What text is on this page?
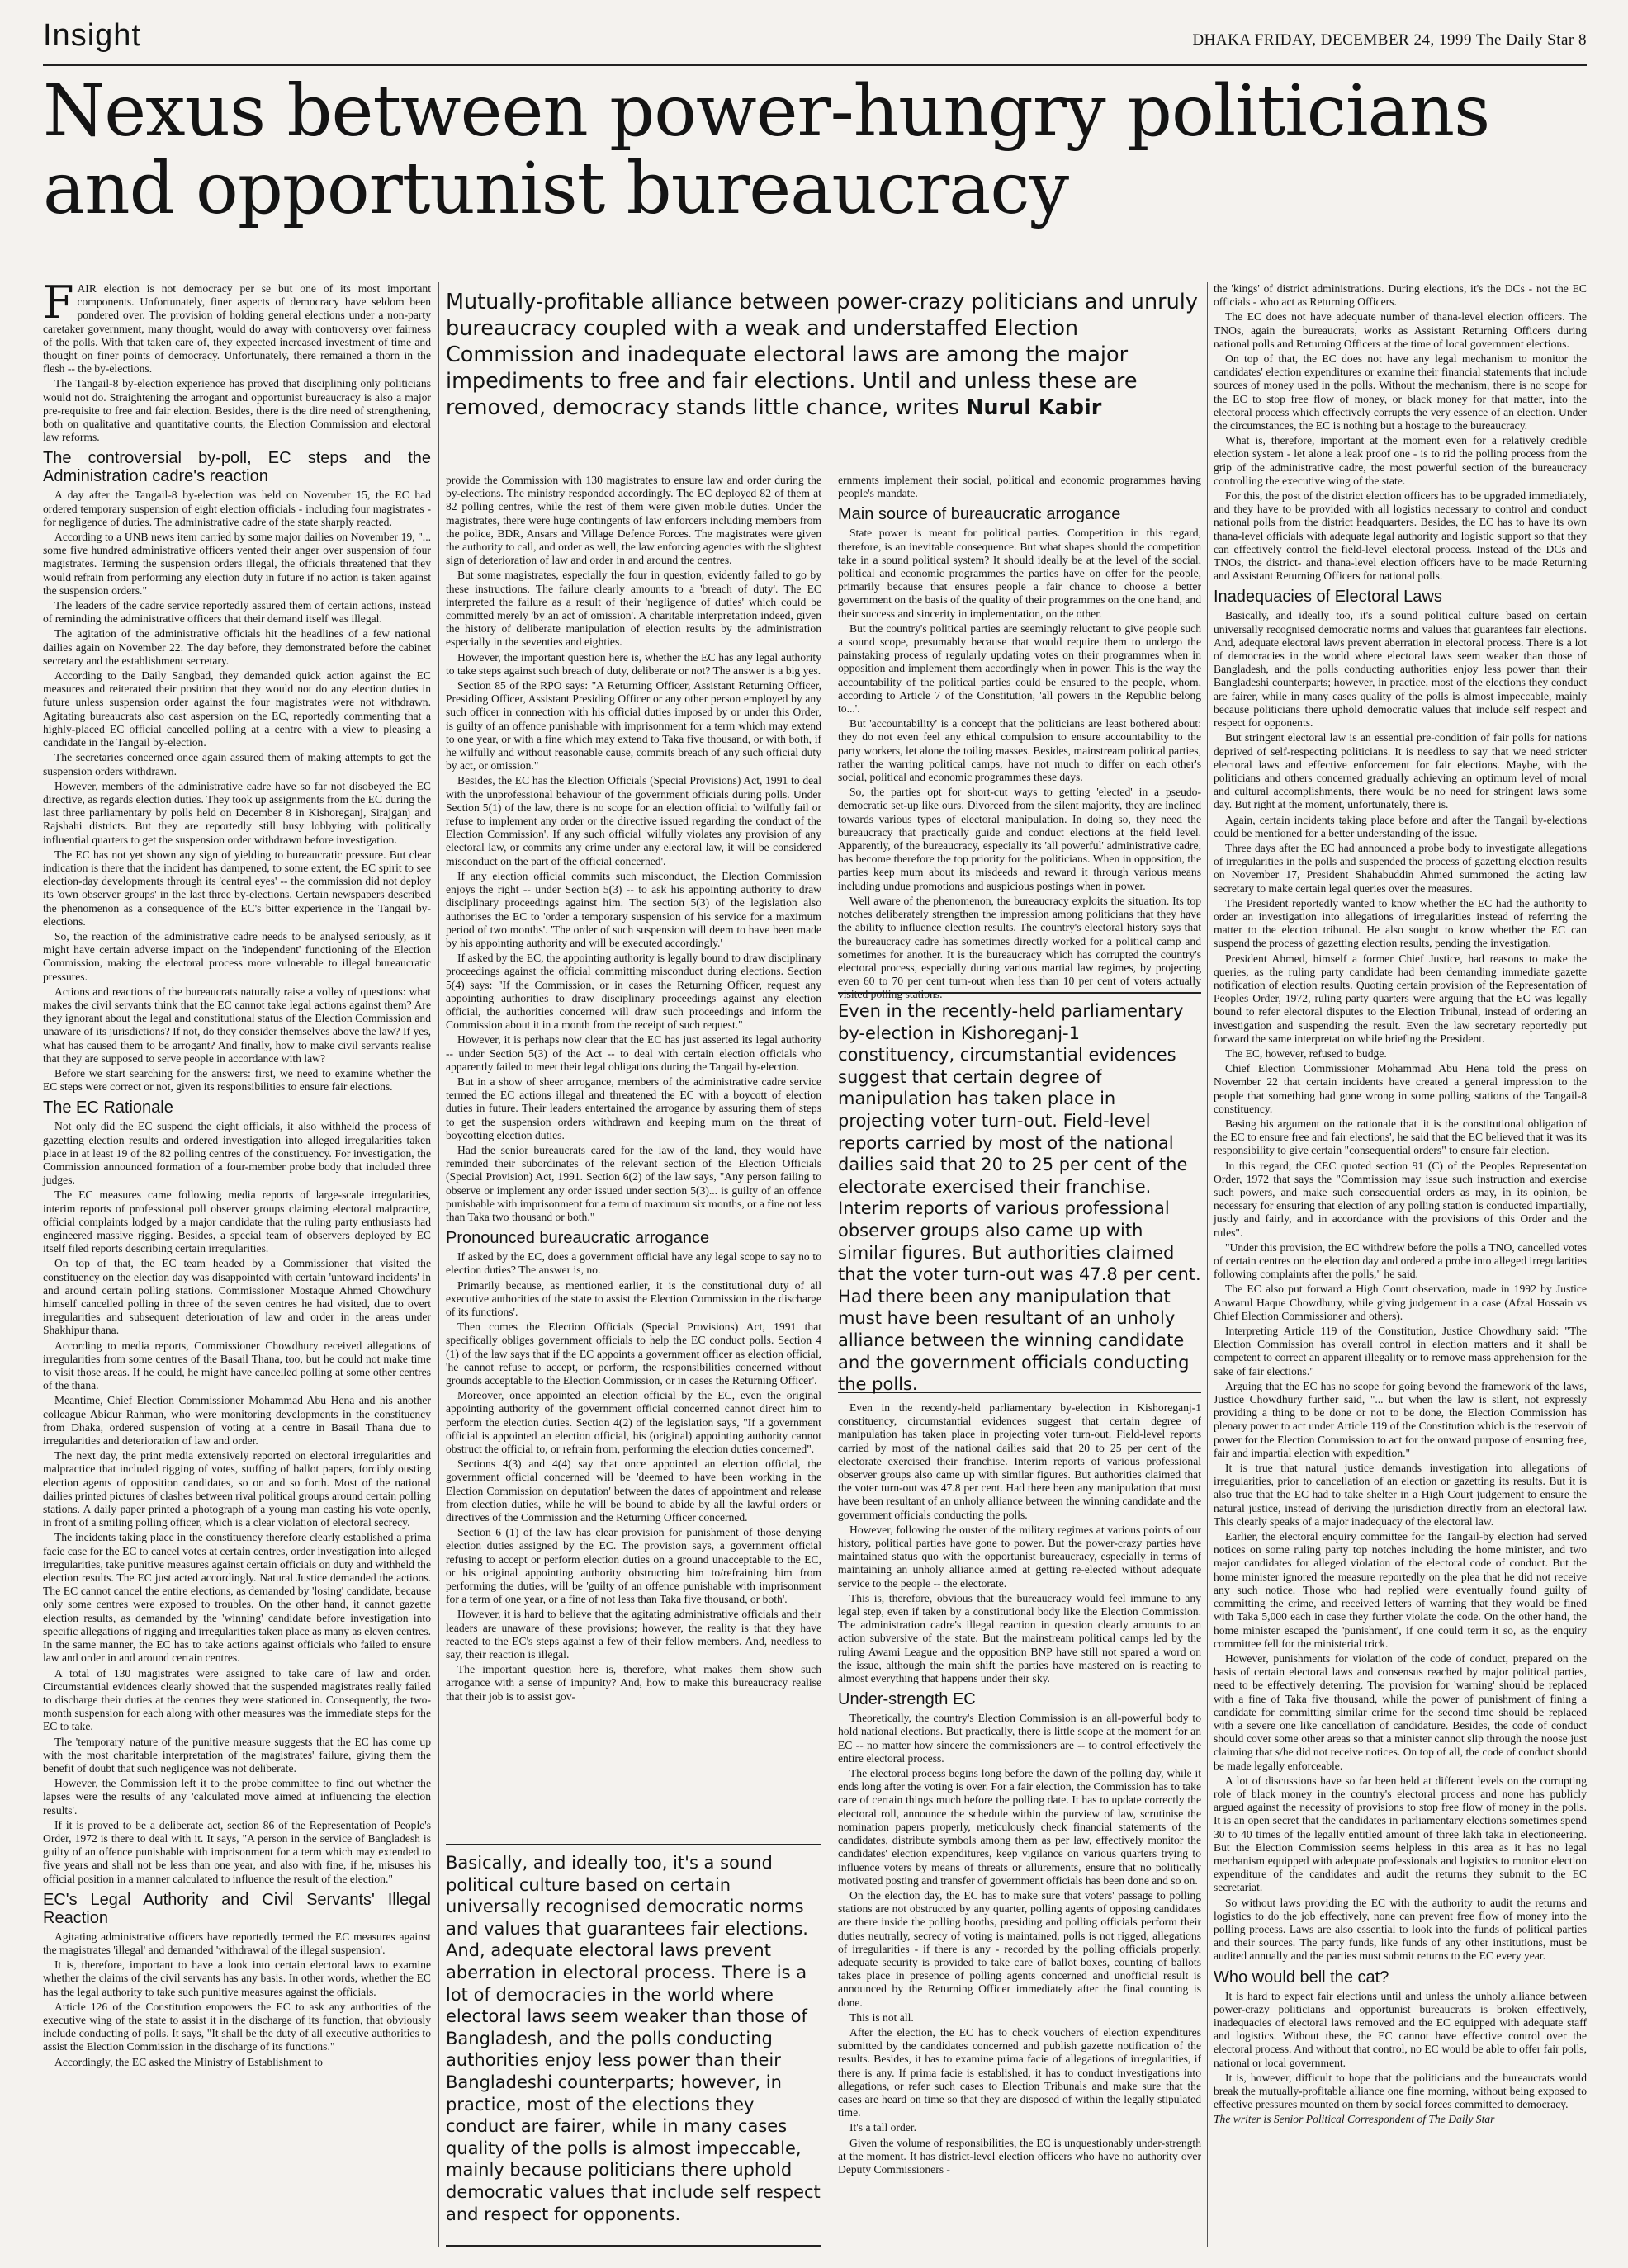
Insight	DHAKA FRIDAY, DECEMBER 24, 1999 The Daily Star 8
Nexus between power-hungry politicians and opportunist bureaucracy
Mutually-profitable alliance between power-crazy politicians and unruly bureaucracy coupled with a weak and understaffed Election Commission and inadequate electoral laws are among the major impediments to free and fair elections. Until and unless these are removed, democracy stands little chance, writes Nurul Kabir

FAIR election is not democracy per se but one of its most important components. Unfortunately, finer aspects of democracy have seldom been pondered over. The provision of holding general elections under a non-party caretaker government, many thought, would do away with controversy over fairness of the polls. With that taken care of, they expected increased investment of time and thought on finer points of democracy. Unfortunately, there remained a thorn in the flesh -- the by-elections.

The Tangail-8 by-election experience has proved that disciplining only politicians would not do. Straightening the arrogant and opportunist bureaucracy is also a major pre-requisite to free and fair election. Besides, there is the dire need of strengthening, both on qualitative and quantitative counts, the Election Commission and electoral law reforms.

The controversial by-poll, EC steps and the Administration cadre's reaction

A day after the Tangail-8 by-election was held on November 15, the EC had ordered temporary suspension of eight election officials - including four magistrates - for negligence of duties. The administrative cadre of the state sharply reacted.

According to a UNB news item carried by some major dailies on November 19, "... some five hundred administrative officers vented their anger over suspension of four magistrates. Terming the suspension orders illegal, the officials threatened that they would refrain from performing any election duty in future if no action is taken against the suspension orders."

The leaders of the cadre service reportedly assured them of certain actions, instead of reminding the administrative officers that their demand itself was illegal.

The agitation of the administrative officials hit the headlines of a few national dailies again on November 22. The day before, they demonstrated before the cabinet secretary and the establishment secretary.

According to the Daily Sangbad, they demanded quick action against the EC measures and reiterated their position that they would not do any election duties in future unless suspension order against the four magistrates were not withdrawn. Agitating bureaucrats also cast aspersion on the EC, reportedly commenting that a highly-placed EC official cancelled polling at a centre with a view to pleasing a candidate in the Tangail by-election.

The secretaries concerned once again assured them of making attempts to get the suspension orders withdrawn.

However, members of the administrative cadre have so far not disobeyed the EC directive, as regards election duties. They took up assignments from the EC during the last three parliamentary by polls held on December 8 in Kishoreganj, Sirajganj and Rajshahi districts. But they are reportedly still busy lobbying with politically influential quarters to get the suspension order withdrawn before investigation.

The EC has not yet shown any sign of yielding to bureaucratic pressure. But clear indication is there that the incident has dampened, to some extent, the EC spirit to see election-day developments through its 'central eyes' -- the commission did not deploy its 'own observer groups' in the last three by-elections. Certain newspapers described the phenomenon as a consequence of the EC's bitter experience in the Tangail by-elections.

So, the reaction of the administrative cadre needs to be analysed seriously, as it might have certain adverse impact on the 'independent' functioning of the Election Commission, making the electoral process more vulnerable to illegal bureaucratic pressures.

Actions and reactions of the bureaucrats naturally raise a volley of questions: what makes the civil servants think that the EC cannot take legal actions against them? Are they ignorant about the legal and constitutional status of the Election Commission and unaware of its jurisdictions? If not, do they consider themselves above the law? If yes, what has caused them to be arrogant? And finally, how to make civil servants realise that they are supposed to serve people in accordance with law?

Before we start searching for the answers: first, we need to examine whether the EC steps were correct or not, given its responsibilities to ensure fair elections.

The EC Rationale

Not only did the EC suspend the eight officials, it also withheld the process of gazetting election results and ordered investigation into alleged irregularities taken place in at least 19 of the 82 polling centres of the constituency. For investigation, the Commission announced formation of a four-member probe body that included three judges.

The EC measures came following media reports of large-scale irregularities, interim reports of professional poll observer groups claiming electoral malpractice, official complaints lodged by a major candidate that the ruling party enthusiasts had engineered massive rigging. Besides, a special team of observers deployed by EC itself filed reports describing certain irregularities.

On top of that, the EC team headed by a Commissioner that visited the constituency on the election day was disappointed with certain 'untoward incidents' in and around certain polling stations. Commissioner Mostaque Ahmed Chowdhury himself cancelled polling in three of the seven centres he had visited, due to overt irregularities and subsequent deterioration of law and order in the areas under Shakhipur thana.

According to media reports, Commissioner Chowdhury received allegations of irregularities from some centres of the Basail Thana, too, but he could not make time to visit those areas. If he could, he might have cancelled polling at some other centres of the thana.

Meantime, Chief Election Commissioner Mohammad Abu Hena and his another colleague Abidur Rahman, who were monitoring developments in the constituency from Dhaka, ordered suspension of voting at a centre in Basail Thana due to irregularities and deterioration of law and order.

The next day, the print media extensively reported on electoral irregularities and malpractice that included rigging of votes, stuffing of ballot papers, forcibly ousting election agents of opposition candidates, so on and so forth. Most of the national dailies printed pictures of clashes between rival political groups around certain polling stations. A daily paper printed a photograph of a young man casting his vote openly, in front of a smiling polling officer, which is a clear violation of electoral secrecy.

The incidents taking place in the constituency therefore clearly established a prima facie case for the EC to cancel votes at certain centres, order investigation into alleged irregularities, take punitive measures against certain officials on duty and withheld the election results. The EC just acted accordingly. Natural Justice demanded the actions. The EC cannot cancel the entire elections, as demanded by 'losing' candidate, because only some centres were exposed to troubles. On the other hand, it cannot gazette election results, as demanded by the 'winning' candidate before investigation into specific allegations of rigging and irregularities taken place as many as eleven centres. In the same manner, the EC has to take actions against officials who failed to ensure law and order in and around certain centres.

A total of 130 magistrates were assigned to take care of law and order. Circumstantial evidences clearly showed that the suspended magistrates really failed to discharge their duties at the centres they were stationed in. Consequently, the two-month suspension for each along with other measures was the immediate steps for the EC to take.

The 'temporary' nature of the punitive measure suggests that the EC has come up with the most charitable interpretation of the magistrates' failure, giving them the benefit of doubt that such negligence was not deliberate.

However, the Commission left it to the probe committee to find out whether the lapses were the results of any 'calculated move aimed at influencing the election results'.

If it is proved to be a deliberate act, section 86 of the Representation of People's Order, 1972 is there to deal with it. It says, "A person in the service of Bangladesh is guilty of an offence punishable with imprisonment for a term which may extended to five years and shall not be less than one year, and also with fine, if he, misuses his official position in a manner calculated to influence the result of the election."

EC's Legal Authority and Civil Servants' Illegal Reaction

Agitating administrative officers have reportedly termed the EC measures against the magistrates 'illegal' and demanded 'withdrawal of the illegal suspension'.

It is, therefore, important to have a look into certain electoral laws to examine whether the claims of the civil servants has any basis. In other words, whether the EC has the legal authority to take such punitive measures against the officials.

Article 126 of the Constitution empowers the EC to ask any authorities of the executive wing of the state to assist it in the discharge of its function, that obviously include conducting of polls. It says, "It shall be the duty of all executive authorities to assist the Election Commission in the discharge of its functions."

Accordingly, the EC asked the Ministry of Establishment to

provide the Commission with 130 magistrates to ensure law and order during the by-elections. The ministry responded accordingly. The EC deployed 82 of them at 82 polling centres, while the rest of them were given mobile duties. Under the magistrates, there were huge contingents of law enforcers including members from the police, BDR, Ansars and Village Defence Forces. The magistrates were given the authority to call, and order as well, the law enforcing agencies with the slightest sign of deterioration of law and order in and around the centres.

But some magistrates, especially the four in question, evidently failed to go by these instructions. The failure clearly amounts to a 'breach of duty'. The EC interpreted the failure as a result of their 'negligence of duties' which could be committed merely 'by an act of omission'. A charitable interpretation indeed, given the history of deliberate manipulation of election results by the administration especially in the seventies and eighties.

However, the important question here is, whether the EC has any legal authority to take steps against such breach of duty, deliberate or not? The answer is a big yes.

Section 85 of the RPO says: "A Returning Officer, Assistant Returning Officer, Presiding Officer, Assistant Presiding Officer or any other person employed by any such officer in connection with his official duties imposed by or under this Order, is guilty of an offence punishable with imprisonment for a term which may extend to one year, or with a fine which may extend to Taka five thousand, or with both, if he wilfully and without reasonable cause, commits breach of any such official duty by act, or omission."

Besides, the EC has the Election Officials (Special Provisions) Act, 1991 to deal with the unprofessional behaviour of the government officials during polls. Under Section 5(1) of the law, there is no scope for an election official to 'wilfully fail or refuse to implement any order or the directive issued regarding the conduct of the Election Commission'. If any such official 'wilfully violates any provision of any electoral law, or commits any crime under any electoral law, it will be considered misconduct on the part of the official concerned'.

If any election official commits such misconduct, the Election Commission enjoys the right -- under Section 5(3) -- to ask his appointing authority to draw disciplinary proceedings against him. The section 5(3) of the legislation also authorises the EC to 'order a temporary suspension of his service for a maximum period of two months'. 'The order of such suspension will deem to have been made by his appointing authority and will be executed accordingly.'

If asked by the EC, the appointing authority is legally bound to draw disciplinary proceedings against the official committing misconduct during elections. Section 5(4) says: "If the Commission, or in cases the Returning Officer, request any appointing authorities to draw disciplinary proceedings against any election official, the authorities concerned will draw such proceedings and inform the Commission about it in a month from the receipt of such request."

However, it is perhaps now clear that the EC has just asserted its legal authority -- under Section 5(3) of the Act -- to deal with certain election officials who apparently failed to meet their legal obligations during the Tangail by-election.

But in a show of sheer arrogance, members of the administrative cadre service termed the EC actions illegal and threatened the EC with a boycott of election duties in future. Their leaders entertained the arrogance by assuring them of steps to get the suspension orders withdrawn and keeping mum on the threat of boycotting election duties.

Had the senior bureaucrats cared for the law of the land, they would have reminded their subordinates of the relevant section of the Election Officials (Special Provision) Act, 1991. Section 6(2) of the law says, "Any person failing to observe or implement any order issued under section 5(3)... is guilty of an offence punishable with imprisonment for a term of maximum six months, or a fine not less than Taka two thousand or both."

Pronounced bureaucratic arrogance

If asked by the EC, does a government official have any legal scope to say no to election duties? The answer is, no.

Primarily because, as mentioned earlier, it is the constitutional duty of all executive authorities of the state to assist the Election Commission in the discharge of its functions'.

Then comes the Election Officials (Special Provisions) Act, 1991 that specifically obliges government officials to help the EC conduct polls. Section 4 (1) of the law says that if the EC appoints a government officer as election official, 'he cannot refuse to accept, or perform, the responsibilities concerned without grounds acceptable to the Election Commission, or in cases the Returning Officer'.

Moreover, once appointed an election official by the EC, even the original appointing authority of the government official concerned cannot direct him to perform the election duties. Section 4(2) of the legislation says, "If a government official is appointed an election official, his (original) appointing authority cannot obstruct the official to, or refrain from, performing the election duties concerned".

Sections 4(3) and 4(4) say that once appointed an election official, the government official concerned will be 'deemed to have been working in the Election Commission on deputation' between the dates of appointment and release from election duties, while he will be bound to abide by all the lawful orders or directives of the Commission and the Returning Officer concerned.

Section 6 (1) of the law has clear provision for punishment of those denying election duties assigned by the EC. The provision says, a government official refusing to accept or perform election duties on a ground unacceptable to the EC, or his original appointing authority obstructing him to/refraining him from performing the duties, will be 'guilty of an offence punishable with imprisonment for a term of one year, or a fine of not less than Taka five thousand, or both'.

However, it is hard to believe that the agitating administrative officials and their leaders are unaware of these provisions; however, the reality is that they have reacted to the EC's steps against a few of their fellow members. And, needless to say, their reaction is illegal.

The important question here is, therefore, what makes them show such arrogance with a sense of impunity? And, how to make this bureaucracy realise that their job is to assist gov-

ernments implement their social, political and economic programmes having people's mandate.

Main source of bureaucratic arrogance

State power is meant for political parties. Competition in this regard, therefore, is an inevitable consequence. But what shapes should the competition take in a sound political system? It should ideally be at the level of the social, political and economic programmes the parties have on offer for the people, primarily because that ensures people a fair chance to choose a better government on the basis of the quality of their programmes on the one hand, and their success and sincerity in implementation, on the other.

But the country's political parties are seemingly reluctant to give people such a sound scope, presumably because that would require them to undergo the painstaking process of regularly updating votes on their programmes when in opposition and implement them accordingly when in power. This is the way the accountability of the political parties could be ensured to the people, whom, according to Article 7 of the Constitution, 'all powers in the Republic belong to...'.

But 'accountability' is a concept that the politicians are least bothered about: they do not even feel any ethical compulsion to ensure accountability to the party workers, let alone the toiling masses. Besides, mainstream political parties, rather the warring political camps, have not much to differ on each other's social, political and economic programmes these days.

So, the parties opt for short-cut ways to getting 'elected' in a pseudo-democratic set-up like ours. Divorced from the silent majority, they are inclined towards various types of electoral manipulation. In doing so, they need the bureaucracy that practically guide and conduct elections at the field level. Apparently, of the bureaucracy, especially its 'all powerful' administrative cadre, has become therefore the top priority for the politicians. When in opposition, the parties keep mum about its misdeeds and reward it through various means including undue promotions and auspicious postings when in power.

Well aware of the phenomenon, the bureaucracy exploits the situation. Its top notches deliberately strengthen the impression among politicians that they have the ability to influence election results. The country's electoral history says that the bureaucracy cadre has sometimes directly worked for a political camp and sometimes for another. It is the bureaucracy which has corrupted the country's electoral process, especially during various martial law regimes, by projecting even 60 to 70 per cent turn-out when less than 10 per cent of voters actually visited polling stations.

Even in the recently-held parliamentary by-election in Kishoreganj-1 constituency, circumstantial evidences suggest that certain degree of manipulation has taken place in projecting voter turn-out. Field-level reports carried by most of the national dailies said that 20 to 25 per cent of the electorate exercised their franchise. Interim reports of various professional observer groups also came up with similar figures. But authorities claimed that the voter turn-out was 47.8 per cent. Had there been any manipulation that must have been resultant of an unholy alliance between the winning candidate and the government officials conducting the polls.

Even in the recently-held parliamentary by-election in Kishoreganj-1 constituency, circumstantial evidences suggest that certain degree of manipulation has taken place in projecting voter turn-out. Field-level reports carried by most of the national dailies said that 20 to 25 per cent of the electorate exercised their franchise. Interim reports of various professional observer groups also came up with similar figures. But authorities claimed that the voter turn-out was 47.8 per cent. Had there been any manipulation that must have been resultant of an unholy alliance between the winning candidate and the government officials conducting the polls.

However, following the ouster of the military regimes at various points of our history, political parties have gone to power. But the power-crazy parties have maintained status quo with the opportunist bureaucracy, especially in terms of maintaining an unholy alliance aimed at getting re-elected without adequate service to the people -- the electorate.

This is, therefore, obvious that the bureaucracy would feel immune to any legal step, even if taken by a constitutional body like the Election Commission. The administration cadre's illegal reaction in question clearly amounts to an action subversive of the state. But the mainstream political camps led by the ruling Awami League and the opposition BNP have still not spared a word on the issue, although the main shift the parties have mastered on is reacting to almost everything that happens under their sky.

Under-strength EC

Theoretically, the country's Election Commission is an all-powerful body to hold national elections. But practically, there is little scope at the moment for an EC -- no matter how sincere the commissioners are -- to control effectively the entire electoral process.

The electoral process begins long before the dawn of the polling day, while it ends long after the voting is over. For a fair election, the Commission has to take care of certain things much before the polling date. It has to update correctly the electoral roll, announce the schedule within the purview of law, scrutinise the nomination papers properly, meticulously check financial statements of the candidates, distribute symbols among them as per law, effectively monitor the candidates' election expenditures, keep vigilance on various quarters trying to influence voters by means of threats or allurements, ensure that no politically motivated posting and transfer of government officials has been done and so on.

On the election day, the EC has to make sure that voters' passage to polling stations are not obstructed by any quarter, polling agents of opposing candidates are there inside the polling booths, presiding and polling officials perform their duties neutrally, secrecy of voting is maintained, polls is not rigged, allegations of irregularities - if there is any - recorded by the polling officials properly, adequate security is provided to take care of ballot boxes, counting of ballots takes place in presence of polling agents concerned and unofficial result is announced by the Returning Officer immediately after the final counting is done.

This is not all.

After the election, the EC has to check vouchers of election expenditures submitted by the candidates concerned and publish gazette notification of the results. Besides, it has to examine prima facie of allegations of irregularities, if there is any. If prima facie is established, it has to conduct investigations into allegations, or refer such cases to Election Tribunals and make sure that the cases are heard on time so that they are disposed of within the legally stipulated time.

It's a tall order.

Given the volume of responsibilities, the EC is unquestionably under-strength at the moment. It has district-level election officers who have no authority over Deputy Commissioners -

Basically, and ideally too, it's a sound political culture based on certain universally recognised democratic norms and values that guarantees fair elections. And, adequate electoral laws prevent aberration in electoral process. There is a lot of democracies in the world where electoral laws seem weaker than those of Bangladesh, and the polls conducting authorities enjoy less power than their Bangladeshi counterparts; however, in practice, most of the elections they conduct are fairer, while in many cases quality of the polls is almost impeccable, mainly because politicians there uphold democratic values that include self respect and respect for opponents.

the 'kings' of district administrations. During elections, it's the DCs - not the EC officials - who act as Returning Officers.

The EC does not have adequate number of thana-level election officers. The TNOs, again the bureaucrats, works as Assistant Returning Officers during national polls and Returning Officers at the time of local government elections.

On top of that, the EC does not have any legal mechanism to monitor the candidates' election expenditures or examine their financial statements that include sources of money used in the polls. Without the mechanism, there is no scope for the EC to stop free flow of money, or black money for that matter, into the electoral process which effectively corrupts the very essence of an election. Under the circumstances, the EC is nothing but a hostage to the bureaucracy.

What is, therefore, important at the moment even for a relatively credible election system - let alone a leak proof one - is to rid the polling process from the grip of the administrative cadre, the most powerful section of the bureaucracy controlling the executive wing of the state.

For this, the post of the district election officers has to be upgraded immediately, and they have to be provided with all logistics necessary to control and conduct national polls from the district headquarters. Besides, the EC has to have its own thana-level officials with adequate legal authority and logistic support so that they can effectively control the field-level electoral process. Instead of the DCs and TNOs, the district- and thana-level election officers have to be made Returning and Assistant Returning Officers for national polls.

Inadequacies of Electoral Laws

Basically, and ideally too, it's a sound political culture based on certain universally recognised democratic norms and values that guarantees fair elections. And, adequate electoral laws prevent aberration in electoral process. There is a lot of democracies in the world where electoral laws seem weaker than those of Bangladesh, and the polls conducting authorities enjoy less power than their Bangladeshi counterparts; however, in practice, most of the elections they conduct are fairer, while in many cases quality of the polls is almost impeccable, mainly because politicians there uphold democratic values that include self respect and respect for opponents.

But stringent electoral law is an essential pre-condition of fair polls for nations deprived of self-respecting politicians. It is needless to say that we need stricter electoral laws and effective enforcement for fair elections. Maybe, with the politicians and others concerned gradually achieving an optimum level of moral and cultural accomplishments, there would be no need for stringent laws some day. But right at the moment, unfortunately, there is.

Again, certain incidents taking place before and after the Tangail by-elections could be mentioned for a better understanding of the issue.

Three days after the EC had announced a probe body to investigate allegations of irregularities in the polls and suspended the process of gazetting election results on November 17, President Shahabuddin Ahmed summoned the acting law secretary to make certain legal queries over the measures.

The President reportedly wanted to know whether the EC had the authority to order an investigation into allegations of irregularities instead of referring the matter to the election tribunal. He also sought to know whether the EC can suspend the process of gazetting election results, pending the investigation.

President Ahmed, himself a former Chief Justice, had reasons to make the queries, as the ruling party candidate had been demanding immediate gazette notification of election results. Quoting certain provision of the Representation of Peoples Order, 1972, ruling party quarters were arguing that the EC was legally bound to refer electoral disputes to the Election Tribunal, instead of ordering an investigation and suspending the result. Even the law secretary reportedly put forward the same interpretation while briefing the President.

The EC, however, refused to budge.

Chief Election Commissioner Mohammad Abu Hena told the press on November 22 that certain incidents have created a general impression to the people that something had gone wrong in some polling stations of the Tangail-8 constituency.

Basing his argument on the rationale that 'it is the constitutional obligation of the EC to ensure free and fair elections', he said that the EC believed that it was its responsibility to give certain "consequential orders" to ensure fair election.

In this regard, the CEC quoted section 91 (C) of the Peoples Representation Order, 1972 that says the "Commission may issue such instruction and exercise such powers, and make such consequential orders as may, in its opinion, be necessary for ensuring that election of any polling station is conducted impartially, justly and fairly, and in accordance with the provisions of this Order and the rules".

"Under this provision, the EC withdrew before the polls a TNO, cancelled votes of certain centres on the election day and ordered a probe into alleged irregularities following complaints after the polls," he said.

The EC also put forward a High Court observation, made in 1992 by Justice Anwarul Haque Chowdhury, while giving judgement in a case (Afzal Hossain vs Chief Election Commissioner and others).

Interpreting Article 119 of the Constitution, Justice Chowdhury said: "The Election Commission has overall control in election matters and it shall be competent to correct an apparent illegality or to remove mass apprehension for the sake of fair elections."

Arguing that the EC has no scope for going beyond the framework of the laws, Justice Chowdhury further said, "... but when the law is silent, not expressly providing a thing to be done or not to be done, the Election Commission has plenary power to act under Article 119 of the Constitution which is the reservoir of power for the Election Commission to act for the onward purpose of ensuring free, fair and impartial election with expedition."

It is true that natural justice demands investigation into allegations of irregularities, prior to cancellation of an election or gazetting its results. But it is also true that the EC had to take shelter in a High Court judgement to ensure the natural justice, instead of deriving the jurisdiction directly from an electoral law. This clearly speaks of a major inadequacy of the electoral law.

Earlier, the electoral enquiry committee for the Tangail-by election had served notices on some ruling party top notches including the home minister, and two major candidates for alleged violation of the electoral code of conduct. But the home minister ignored the measure reportedly on the plea that he did not receive any such notice. Those who had replied were eventually found guilty of committing the crime, and received letters of warning that they would be fined with Taka 5,000 each in case they further violate the code. On the other hand, the home minister escaped the 'punishment', if one could term it so, as the enquiry committee fell for the ministerial trick.

However, punishments for violation of the code of conduct, prepared on the basis of certain electoral laws and consensus reached by major political parties, need to be effectively deterring. The provision for 'warning' should be replaced with a fine of Taka five thousand, while the power of punishment of fining a candidate for committing similar crime for the second time should be replaced with a severe one like cancellation of candidature. Besides, the code of conduct should cover some other areas so that a minister cannot slip through the noose just claiming that s/he did not receive notices. On top of all, the code of conduct should be made legally enforceable.

A lot of discussions have so far been held at different levels on the corrupting role of black money in the country's electoral process and none has publicly argued against the necessity of provisions to stop free flow of money in the polls. It is an open secret that the candidates in parliamentary elections sometimes spend 30 to 40 times of the legally entitled amount of three lakh taka in electioneering. But the Election Commission seems helpless in this area as it has no legal mechanism equipped with adequate professionals and logistics to monitor election expenditure of the candidates and audit the returns they submit to the EC secretariat.

So without laws providing the EC with the authority to audit the returns and logistics to do the job effectively, none can prevent free flow of money into the polling process. Laws are also essential to look into the funds of political parties and their sources. The party funds, like funds of any other institutions, must be audited annually and the parties must submit returns to the EC every year.

Who would bell the cat?

It is hard to expect fair elections until and unless the unholy alliance between power-crazy politicians and opportunist bureaucrats is broken effectively, inadequacies of electoral laws removed and the EC equipped with adequate staff and logistics. Without these, the EC cannot have effective control over the electoral process. And without that control, no EC would be able to offer fair polls, national or local government.

It is, however, difficult to hope that the politicians and the bureaucrats would break the mutually-profitable alliance one fine morning, without being exposed to effective pressures mounted on them by social forces committed to democracy.

The writer is Senior Political Correspondent of The Daily Star
